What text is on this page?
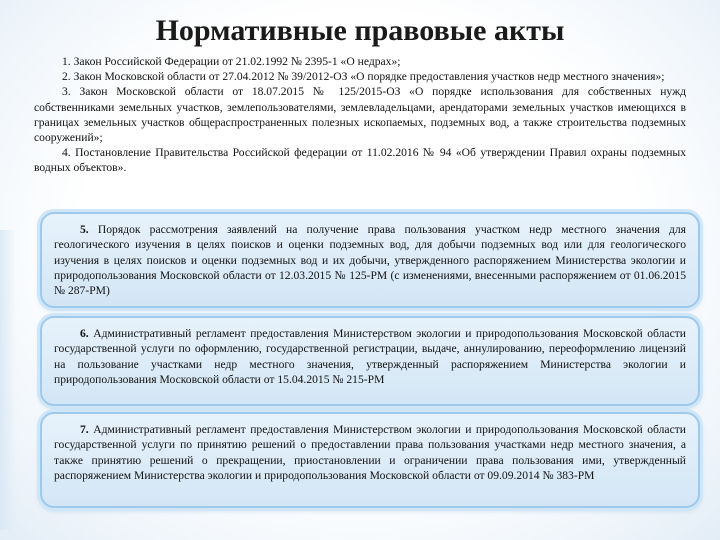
Нормативные правовые акты

1. Закон Российской Федерации от 21.02.1992 № 2395-1 «О недрах»;

2. Закон Московской области от 27.04.2012 № 39/2012-ОЗ «О порядке предоставления участков недр местного значения»;

3. Закон Московской области от 18.07.2015 № 125/2015-ОЗ «О порядке использования для собственных нужд собственниками земельных участков, землепользователями, землевладельцами, арендаторами земельных участков имеющихся в границах земельных участков общераспространенных полезных ископаемых, подземных вод, а также строительства подземных сооружений»;

4. Постановление Правительства Российской федерации от 11.02.2016 № 94 «Об утверждении Правил охраны подземных водных объектов».

5. Порядок рассмотрения заявлений на получение права пользования участком недр местного значения для геологического изучения в целях поисков и оценки подземных вод, для добычи подземных вод или для геологического изучения в целях поисков и оценки подземных вод и их добычи, утвержденного распоряжением Министерства экологии и природопользования Московской области от 12.03.2015 № 125-РМ (с изменениями, внесенными распоряжением от 01.06.2015 № 287-РМ)

6. Административный регламент предоставления Министерством экологии и природопользования Московской области государственной услуги по оформлению, государственной регистрации, выдаче, аннулированию, переоформлению лицензий на пользование участками недр местного значения, утвержденный распоряжением Министерства экологии и природопользования Московской области от 15.04.2015 № 215-РМ

7. Административный регламент предоставления Министерством экологии и природопользования Московской области государственной услуги по принятию решений о предоставлении права пользования участками недр местного значения, а также принятию решений о прекращении, приостановлении и ограничении права пользования ими, утвержденный распоряжением Министерства экологии и природопользования Московской области от 09.09.2014 № 383-РМ
